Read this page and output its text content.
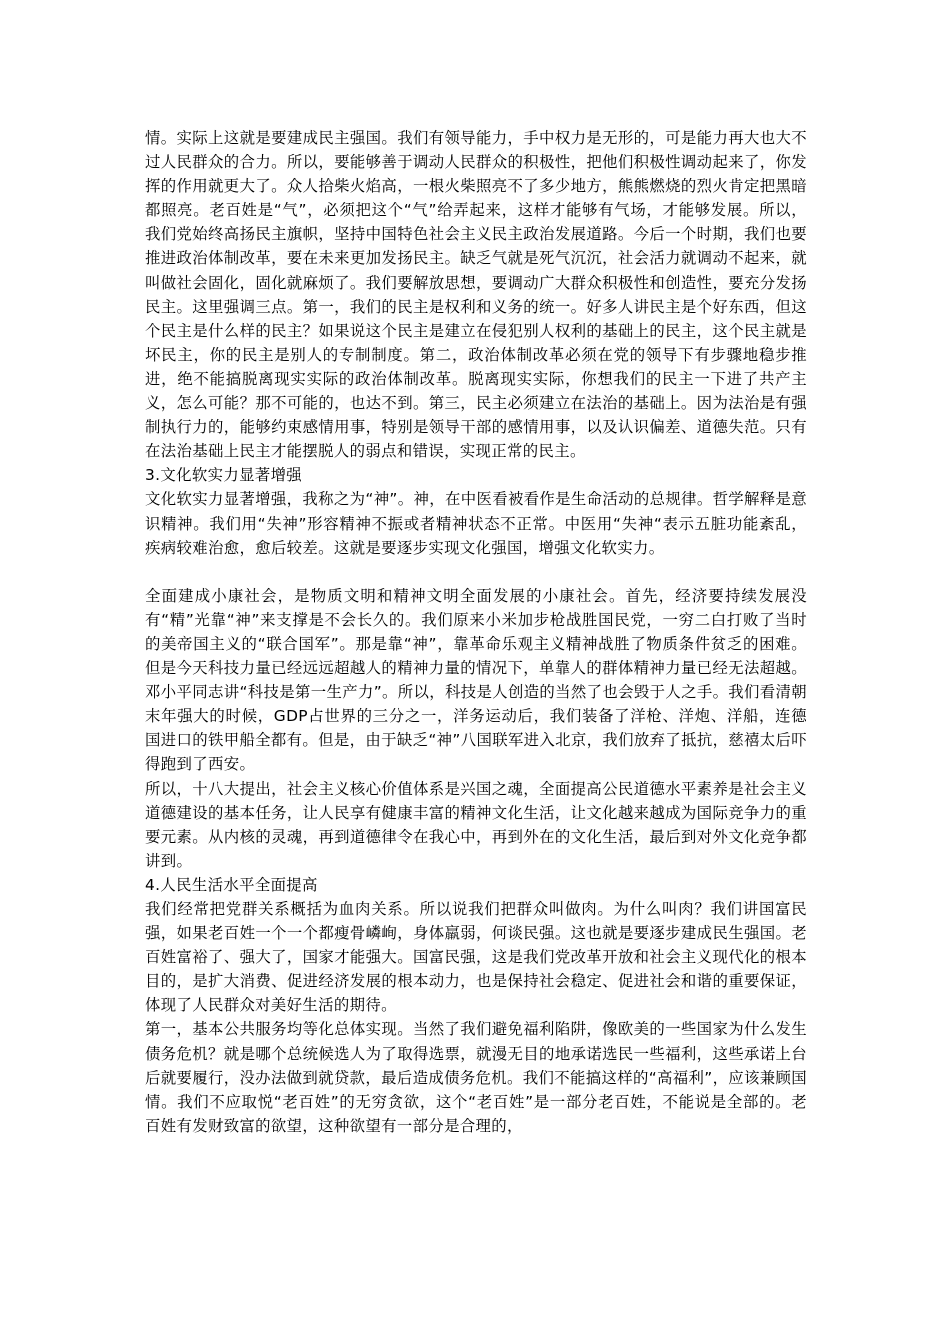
情。实际上这就是要建成民主强国。我们有领导能力，手中权力是无形的，可是能力再大也大不过人民群众的合力。所以，要能够善于调动人民群众的积极性，把他们积极性调动起来了，你发挥的作用就更大了。众人拾柴火焰高，一根火柴照亮不了多少地方，熊熊燃烧的烈火肯定把黑暗都照亮。老百姓是“气”，必须把这个“气”给弄起来，这样才能够有气场，才能够发展。所以，我们党始终高扬民主旗帜，坚持中国特色社会主义民主政治发展道路。今后一个时期，我们也要推进政治体制改革，要在未来更加发扬民主。缺乏气就是死气沉沉，社会活力就调动不起来，就叫做社会固化，固化就麻烦了。我们要解放思想，要调动广大群众积极性和创造性，要充分发扬民主。这里强调三点。第一，我们的民主是权利和义务的统一。好多人讲民主是个好东西，但这个民主是什么样的民主？如果说这个民主是建立在侵犯别人权利的基础上的民主，这个民主就是坏民主，你的民主是别人的专制制度。第二，政治体制改革必须在党的领导下有步骤地稳步推进，绝不能搞脱离现实实际的政治体制改革。脱离现实实际，你想我们的民主一下进了共产主义，怎么可能？那不可能的，也达不到。第三，民主必须建立在法治的基础上。因为法治是有强制执行力的，能够约束感情用事，特别是领导干部的感情用事，以及认识偏差、道德失范。只有在法治基础上民主才能摆脱人的弱点和错误，实现正常的民主。

3.文化软实力显著增强

文化软实力显著增强，我称之为“神”。神，在中医看被看作是生命活动的总规律。哲学解释是意识精神。我们用“失神”形容精神不振或者精神状态不正常。中医用“失神“表示五脏功能紊乱，疾病较难治愈，愈后较差。这就是要逐步实现文化强国，增强文化软实力。

全面建成小康社会，是物质文明和精神文明全面发展的小康社会。首先，经济要持续发展没有“精”光靠“神”来支撑是不会长久的。我们原来小米加步枪战胜国民党，一穷二白打败了当时的美帝国主义的“联合国军”。那是靠“神”，靠革命乐观主义精神战胜了物质条件贫乏的困难。但是今天科技力量已经远远超越人的精神力量的情况下，单靠人的群体精神力量已经无法超越。邓小平同志讲“科技是第一生产力”。所以，科技是人创造的当然了也会毁于人之手。我们看清朝末年强大的时候，GDP占世界的三分之一，洋务运动后，我们装备了洋枪、洋炮、洋船，连德国进口的铁甲船全都有。但是，由于缺乏“神”八国联军进入北京，我们放弃了抵抗，慈禧太后吓得跑到了西安。

所以，十八大提出，社会主义核心价值体系是兴国之魂，全面提高公民道德水平素养是社会主义道德建设的基本任务，让人民享有健康丰富的精神文化生活，让文化越来越成为国际竞争力的重要元素。从内核的灵魂，再到道德律令在我心中，再到外在的文化生活，最后到对外文化竞争都讲到。

4.人民生活水平全面提高

我们经常把党群关系概括为血肉关系。所以说我们把群众叫做肉。为什么叫肉？我们讲国富民强，如果老百姓一个一个都瘦骨嶙峋，身体羸弱，何谈民强。这也就是要逐步建成民生强国。老百姓富裕了、强大了，国家才能强大。国富民强，这是我们党改革开放和社会主义现代化的根本目的，是扩大消费、促进经济发展的根本动力，也是保持社会稳定、促进社会和谐的重要保证，体现了人民群众对美好生活的期待。

第一，基本公共服务均等化总体实现。当然了我们避免福利陷阱，像欧美的一些国家为什么发生债务危机？就是哪个总统候选人为了取得选票，就漫无目的地承诺选民一些福利，这些承诺上台后就要履行，没办法做到就贷款，最后造成债务危机。我们不能搞这样的“高福利”，应该兼顾国情。我们不应取悦“老百姓”的无穷贪欲，这个“老百姓”是一部分老百姓，不能说是全部的。老百姓有发财致富的欲望，这种欲望有一部分是合理的，
